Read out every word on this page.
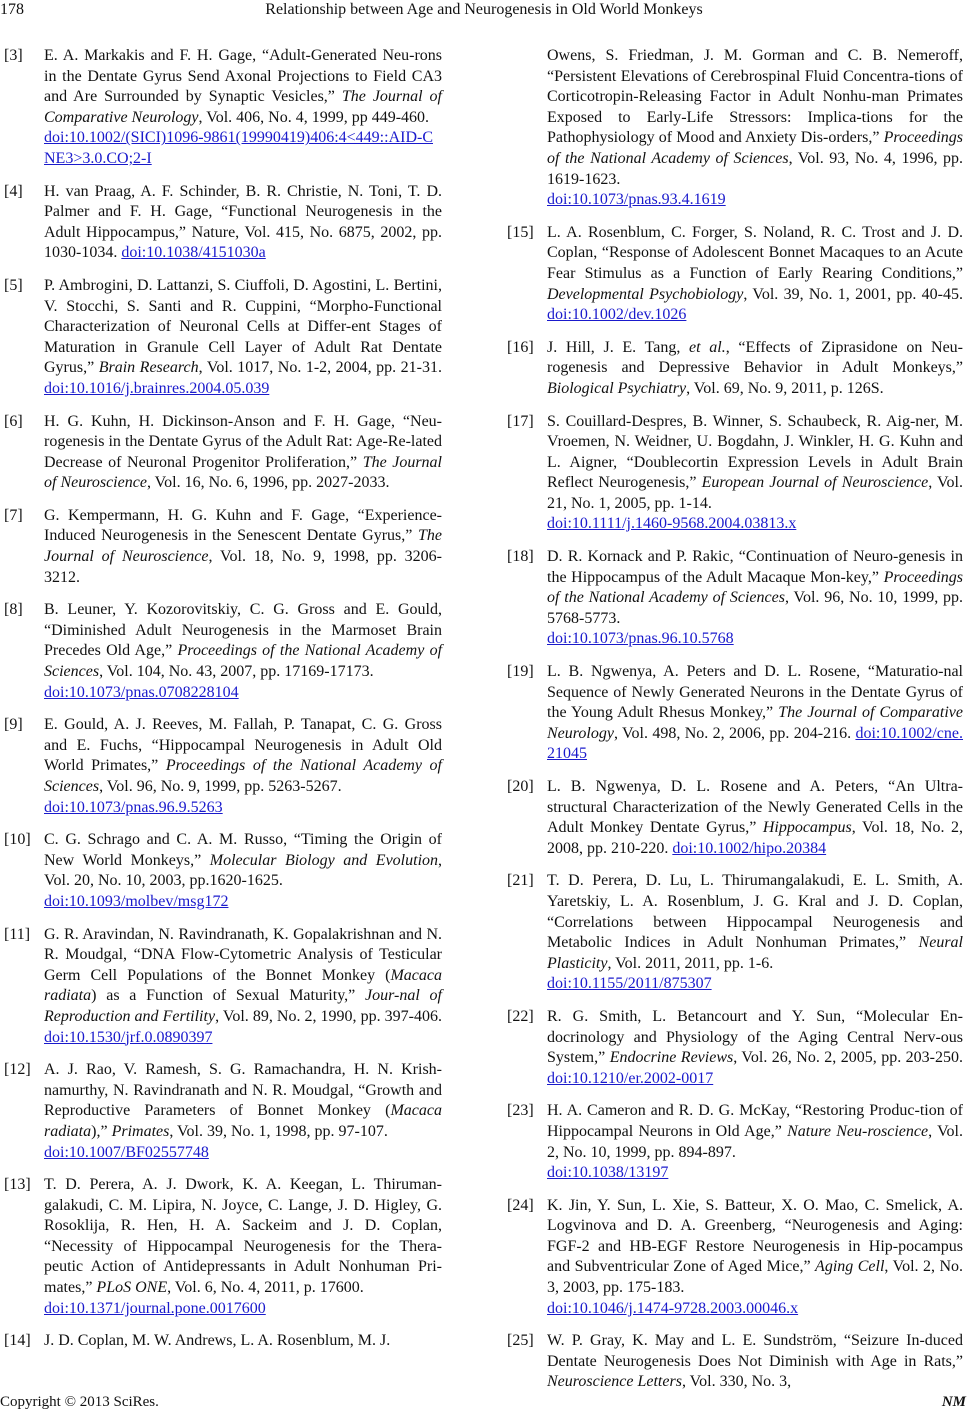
178	Relationship between Age and Neurogenesis in Old World Monkeys
[3]	E. A. Markakis and F. H. Gage, “Adult-Generated Neu-rons in the Dentate Gyrus Send Axonal Projections to Field CA3 and Are Surrounded by Synaptic Vesicles,” The Journal of Comparative Neurology, Vol. 406, No. 4, 1999, pp 449-460.
doi:10.1002/(SICI)1096-9861(19990419)406:4<449::AID-CNE3>3.0.CO;2-I
[4]	H. van Praag, A. F. Schinder, B. R. Christie, N. Toni, T. D. Palmer and F. H. Gage, “Functional Neurogenesis in the Adult Hippocampus,” Nature, Vol. 415, No. 6875, 2002, pp. 1030-1034. doi:10.1038/4151030a
[5]	P. Ambrogini, D. Lattanzi, S. Ciuffoli, D. Agostini, L. Bertini, V. Stocchi, S. Santi and R. Cuppini, “Morpho-Functional Characterization of Neuronal Cells at Differ-ent Stages of Maturation in Granule Cell Layer of Adult Rat Dentate Gyrus,” Brain Research, Vol. 1017, No. 1-2, 2004, pp. 21-31. doi:10.1016/j.brainres.2004.05.039
[6]	H. G. Kuhn, H. Dickinson-Anson and F. H. Gage, “Neu-rogenesis in the Dentate Gyrus of the Adult Rat: Age-Re-lated Decrease of Neuronal Progenitor Proliferation,” The Journal of Neuroscience, Vol. 16, No. 6, 1996, pp. 2027-2033.
[7]	G. Kempermann, H. G. Kuhn and F. Gage, “Experience-Induced Neurogenesis in the Senescent Dentate Gyrus,” The Journal of Neuroscience, Vol. 18, No. 9, 1998, pp. 3206-3212.
[8]	B. Leuner, Y. Kozorovitskiy, C. G. Gross and E. Gould, “Diminished Adult Neurogenesis in the Marmoset Brain Precedes Old Age,” Proceedings of the National Academy of Sciences, Vol. 104, No. 43, 2007, pp. 17169-17173.
doi:10.1073/pnas.0708228104
[9]	E. Gould, A. J. Reeves, M. Fallah, P. Tanapat, C. G. Gross and E. Fuchs, “Hippocampal Neurogenesis in Adult Old World Primates,” Proceedings of the National Academy of Sciences, Vol. 96, No. 9, 1999, pp. 5263-5267.
doi:10.1073/pnas.96.9.5263
[10] C. G. Schrago and C. A. M. Russo, “Timing the Origin of New World Monkeys,” Molecular Biology and Evolution, Vol. 20, No. 10, 2003, pp.1620-1625.
doi:10.1093/molbev/msg172
[11] G. R. Aravindan, N. Ravindranath, K. Gopalakrishnan and N. R. Moudgal, “DNA Flow-Cytometric Analysis of Testicular Germ Cell Populations of the Bonnet Monkey (Macaca radiata) as a Function of Sexual Maturity,” Jour-nal of Reproduction and Fertility, Vol. 89, No. 2, 1990, pp. 397-406. doi:10.1530/jrf.0.0890397
[12] A. J. Rao, V. Ramesh, S. G. Ramachandra, H. N. Krish-namurthy, N. Ravindranath and N. R. Moudgal, “Growth and Reproductive Parameters of Bonnet Monkey (Macaca radiata),” Primates, Vol. 39, No. 1, 1998, pp. 97-107.
doi:10.1007/BF02557748
[13] T. D. Perera, A. J. Dwork, K. A. Keegan, L. Thiruman-galakudi, C. M. Lipira, N. Joyce, C. Lange, J. D. Higley, G. Rosoklija, R. Hen, H. A. Sackeim and J. D. Coplan, “Necessity of Hippocampal Neurogenesis for the Thera-peutic Action of Antidepressants in Adult Nonhuman Pri-mates,” PLoS ONE, Vol. 6, No. 4, 2011, p. 17600.
doi:10.1371/journal.pone.0017600
[14] J. D. Coplan, M. W. Andrews, L. A. Rosenblum, M. J.
Owens, S. Friedman, J. M. Gorman and C. B. Nemeroff, “Persistent Elevations of Cerebrospinal Fluid Concentra-tions of Corticotropin-Releasing Factor in Adult Nonhu-man Primates Exposed to Early-Life Stressors: Implica-tions for the Pathophysiology of Mood and Anxiety Dis-orders,” Proceedings of the National Academy of Sciences, Vol. 93, No. 4, 1996, pp. 1619-1623.
doi:10.1073/pnas.93.4.1619
[15] L. A. Rosenblum, C. Forger, S. Noland, R. C. Trost and J. D. Coplan, “Response of Adolescent Bonnet Macaques to an Acute Fear Stimulus as a Function of Early Rearing Conditions,” Developmental Psychobiology, Vol. 39, No. 1, 2001, pp. 40-45. doi:10.1002/dev.1026
[16] J. Hill, J. E. Tang, et al., “Effects of Ziprasidone on Neu-rogenesis and Depressive Behavior in Adult Monkeys,” Biological Psychiatry, Vol. 69, No. 9, 2011, p. 126S.
[17] S. Couillard-Despres, B. Winner, S. Schaubeck, R. Aig-ner, M. Vroemen, N. Weidner, U. Bogdahn, J. Winkler, H. G. Kuhn and L. Aigner, “Doublecortin Expression Levels in Adult Brain Reflect Neurogenesis,” European Journal of Neuroscience, Vol. 21, No. 1, 2005, pp. 1-14.
doi:10.1111/j.1460-9568.2004.03813.x
[18] D. R. Kornack and P. Rakic, “Continuation of Neuro-genesis in the Hippocampus of the Adult Macaque Mon-key,” Proceedings of the National Academy of Sciences, Vol. 96, No. 10, 1999, pp. 5768-5773.
doi:10.1073/pnas.96.10.5768
[19] L. B. Ngwenya, A. Peters and D. L. Rosene, “Maturatio-nal Sequence of Newly Generated Neurons in the Dentate Gyrus of the Young Adult Rhesus Monkey,” The Journal of Comparative Neurology, Vol. 498, No. 2, 2006, pp. 204-216. doi:10.1002/cne.21045
[20] L. B. Ngwenya, D. L. Rosene and A. Peters, “An Ultra-structural Characterization of the Newly Generated Cells in the Adult Monkey Dentate Gyrus,” Hippocampus, Vol. 18, No. 2, 2008, pp. 210-220. doi:10.1002/hipo.20384
[21] T. D. Perera, D. Lu, L. Thirumangalakudi, E. L. Smith, A. Yaretskiy, L. A. Rosenblum, J. G. Kral and J. D. Coplan, “Correlations between Hippocampal Neurogenesis and Metabolic Indices in Adult Nonhuman Primates,” Neural Plasticity, Vol. 2011, 2011, pp. 1-6.
doi:10.1155/2011/875307
[22] R. G. Smith, L. Betancourt and Y. Sun, “Molecular En-docrinology and Physiology of the Aging Central Nerv-ous System,” Endocrine Reviews, Vol. 26, No. 2, 2005, pp. 203-250. doi:10.1210/er.2002-0017
[23] H. A. Cameron and R. D. G. McKay, “Restoring Produc-tion of Hippocampal Neurons in Old Age,” Nature Neu-roscience, Vol. 2, No. 10, 1999, pp. 894-897.
doi:10.1038/13197
[24] K. Jin, Y. Sun, L. Xie, S. Batteur, X. O. Mao, C. Smelick, A. Logvinova and D. A. Greenberg, “Neurogenesis and Aging: FGF-2 and HB-EGF Restore Neurogenesis in Hip-pocampus and Subventricular Zone of Aged Mice,” Aging Cell, Vol. 2, No. 3, 2003, pp. 175-183.
doi:10.1046/j.1474-9728.2003.00046.x
[25] W. P. Gray, K. May and L. E. Sundström, “Seizure In-duced Dentate Neurogenesis Does Not Diminish with Age in Rats,” Neuroscience Letters, Vol. 330, No. 3,
Copyright © 2013 SciRes.	NM
